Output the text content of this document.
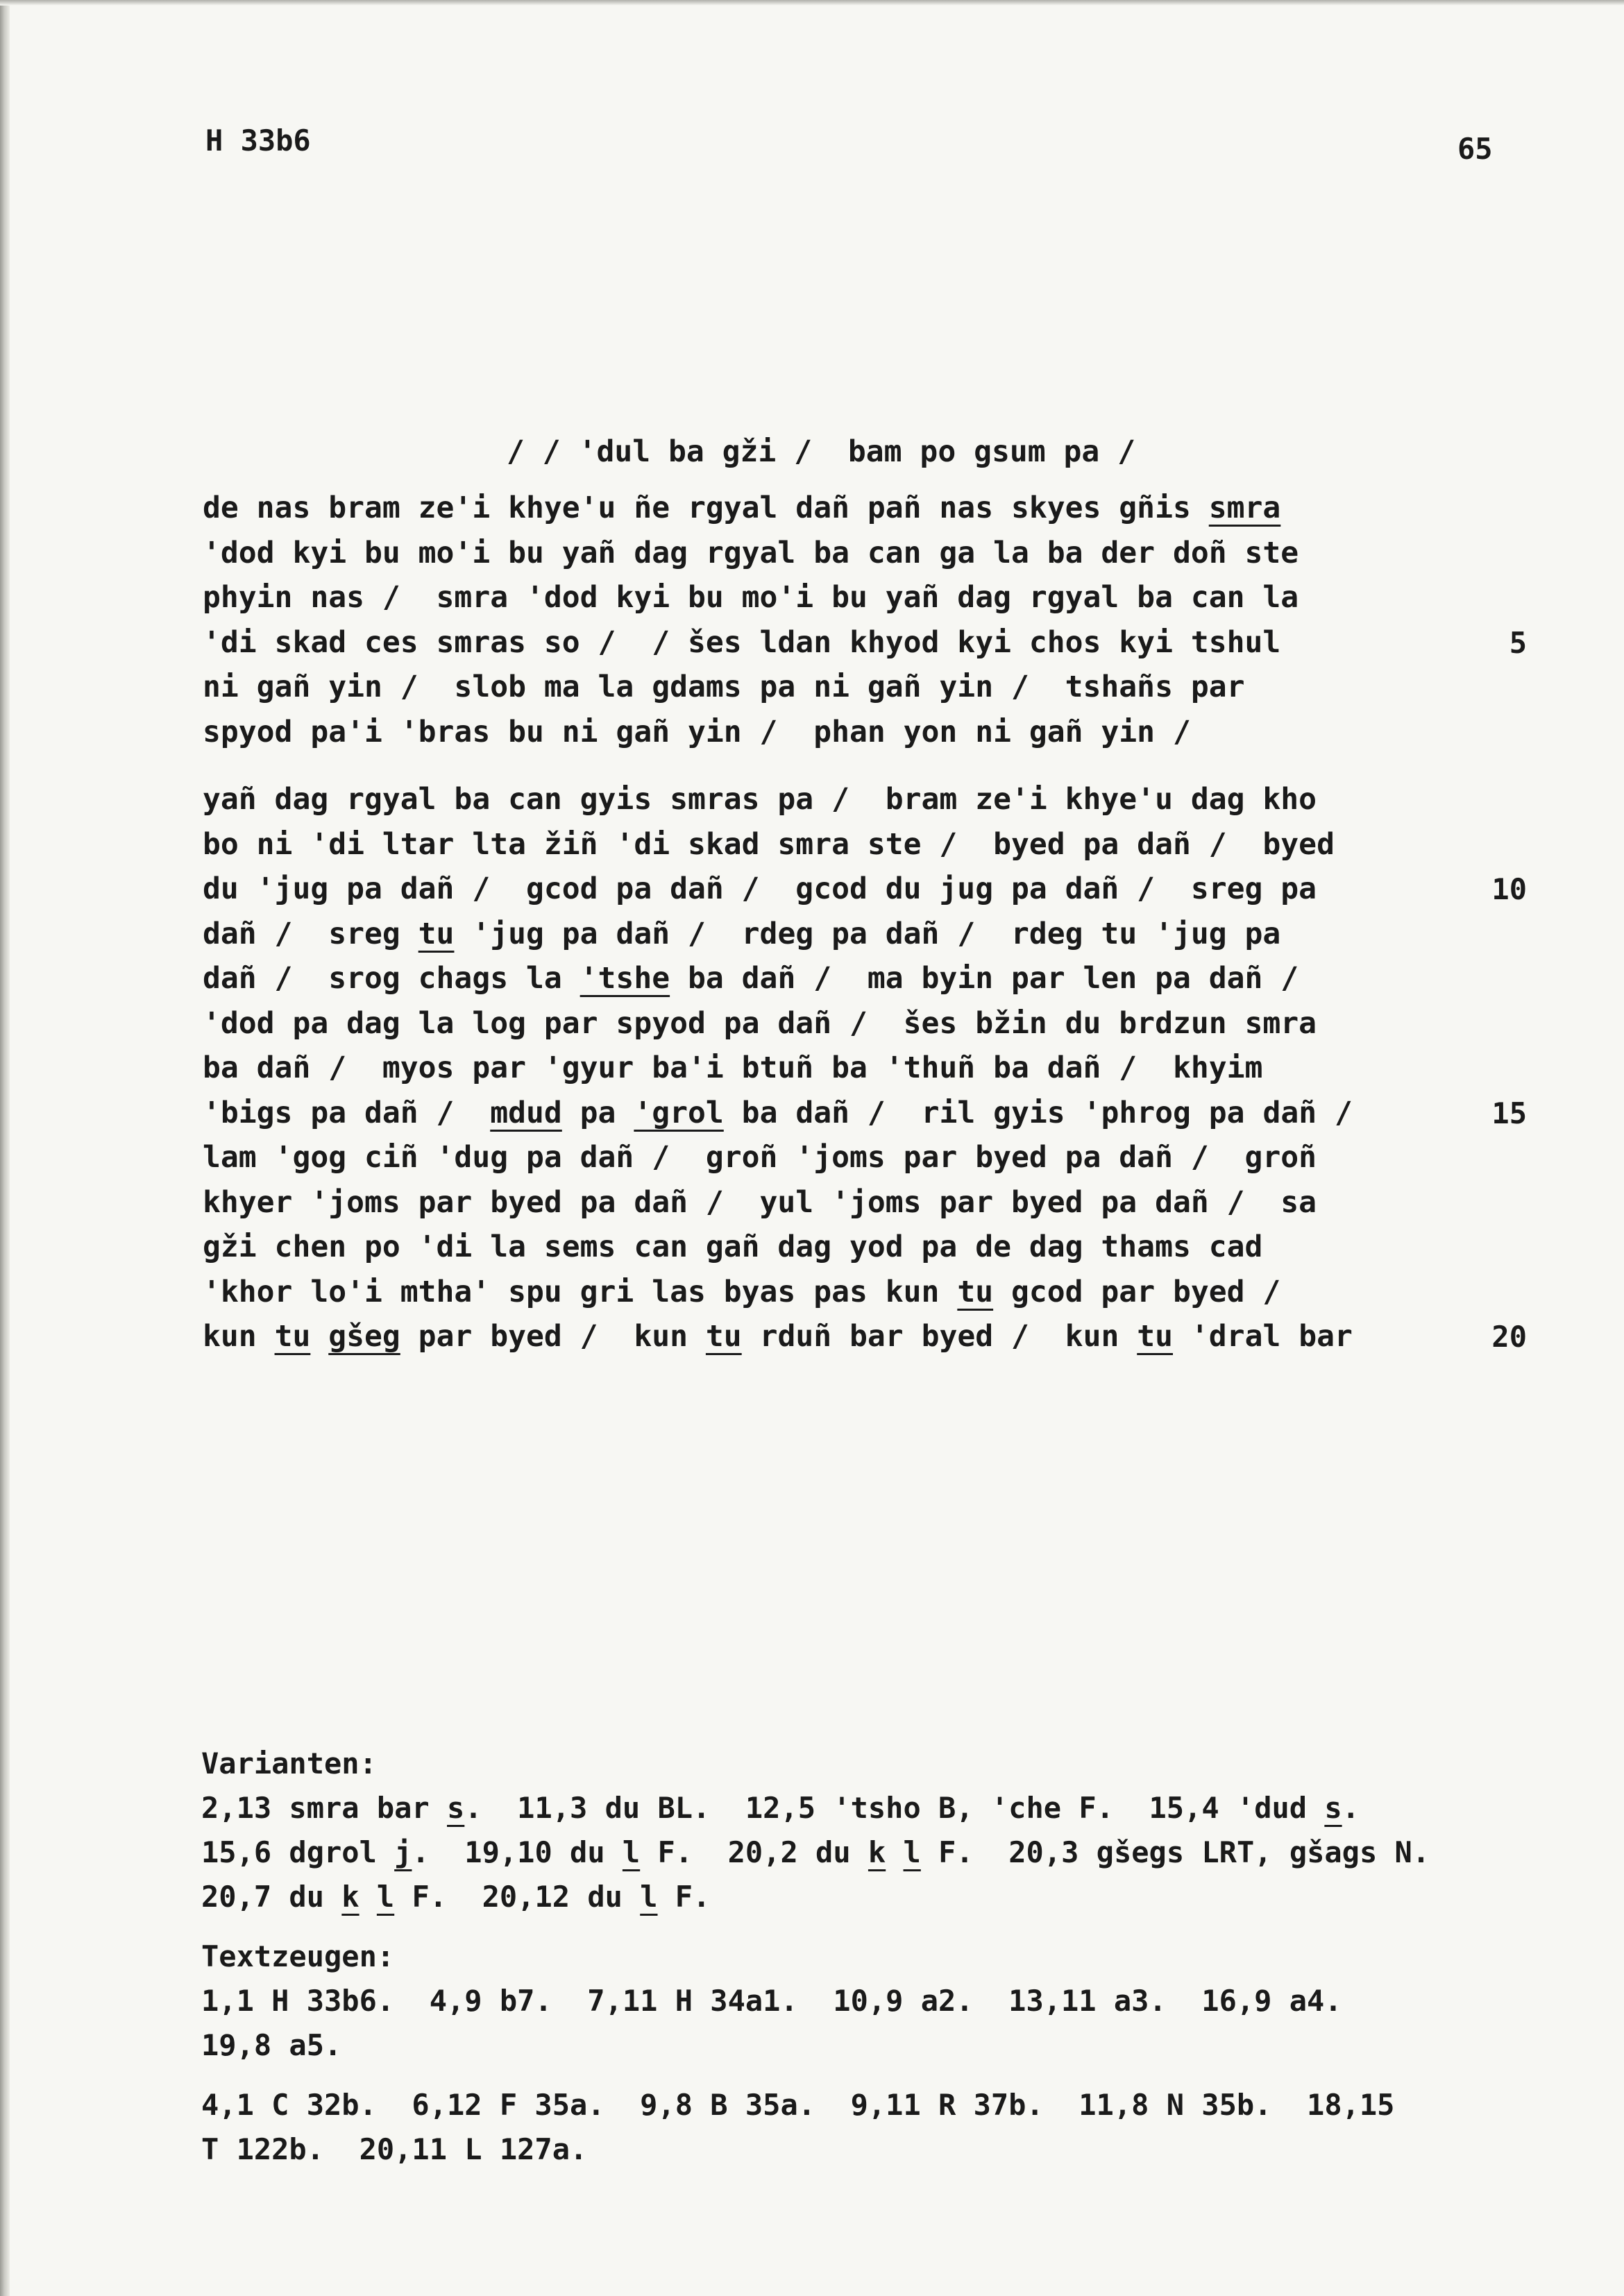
H 33b6	65
/ / 'dul ba gži /  bam po gsum pa /
de nas bram ze'i khye'u ñe rgyal dañ pañ nas skyes gñis smra
'dod kyi bu mo'i bu yañ dag rgyal ba can ga la ba der doñ ste
phyin nas /  smra 'dod kyi bu mo'i bu yañ dag rgyal ba can la
'di skad ces smras so /  / šes ldan khyod kyi chos kyi tshul
ni gañ yin /  slob ma la gdams pa ni gañ yin /  tshañs par
spyod pa'i 'bras bu ni gañ yin /  phan yon ni gañ yin /
yañ dag rgyal ba can gyis smras pa /  bram ze'i khye'u dag kho
bo ni 'di ltar lta žiñ 'di skad smra ste /  byed pa dañ /  byed
du 'jug pa dañ /  gcod pa dañ /  gcod du jug pa dañ /  sreg pa
dañ /  sreg tu 'jug pa dañ /  rdeg pa dañ /  rdeg tu 'jug pa
dañ /  srog chags la 'tshe ba dañ /  ma byin par len pa dañ /
'dod pa dag la log par spyod pa dañ /  šes bžin du brdzun smra
ba dañ /  myos par 'gyur ba'i btuñ ba 'thuñ ba dañ /  khyim
'bigs pa dañ /  mdud pa 'grol ba dañ /  ril gyis 'phrog pa dañ /
lam 'gog ciñ 'dug pa dañ /  groñ 'joms par byed pa dañ /  groñ
khyer 'joms par byed pa dañ /  yul 'joms par byed pa dañ /  sa
gži chen po 'di la sems can gañ dag yod pa de dag thams cad
'khor lo'i mtha' spu gri las byas pas kun tu gcod par byed /
kun tu gšeg par byed /  kun tu rduñ bar byed /  kun tu 'dral bar
5
10
15
20
Varianten:
2,13 smra bar s.  11,3 du BL.  12,5 'tsho B, 'che F.  15,4 'dud s.
15,6 dgrol j.  19,10 du l F.  20,2 du k l F.  20,3 gšegs LRT, gšags N.
20,7 du k l F.  20,12 du l F.
Textzeugen:
1,1 H 33b6.  4,9 b7.  7,11 H 34a1.  10,9 a2.  13,11 a3.  16,9 a4.
19,8 a5.
4,1 C 32b.  6,12 F 35a.  9,8 B 35a.  9,11 R 37b.  11,8 N 35b.  18,15
T 122b.  20,11 L 127a.
